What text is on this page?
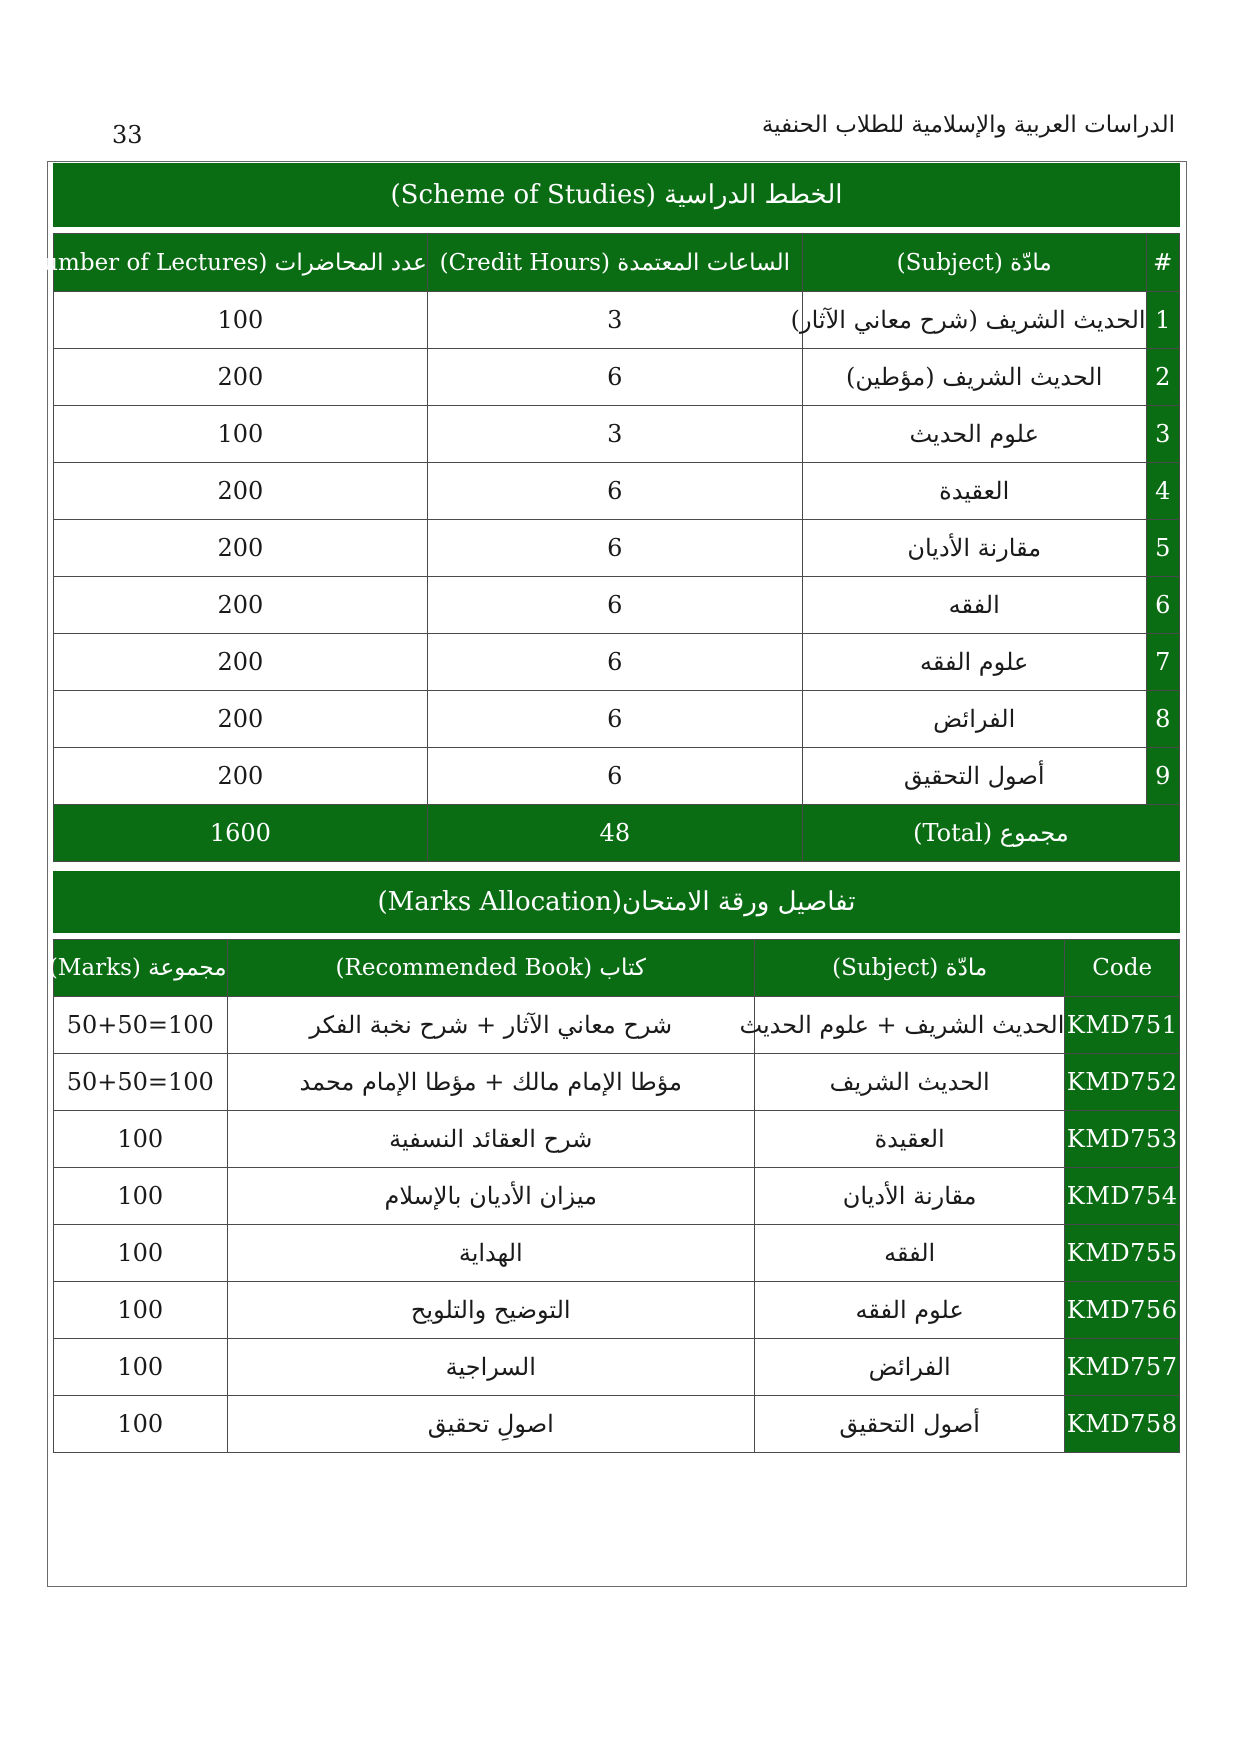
33	الدراسات العربية والإسلامية للطلاب الحنفية
الخطط الدراسية (Scheme of Studies)
عدد المحاضرات (Number of Lectures)	الساعات المعتمدة (Credit Hours)	مادّة (Subject)	#
100	3	الحديث الشريف (شرح معاني الآثار)	1
200	6	الحديث الشريف (مؤطين)	2
100	3	علوم الحديث	3
200	6	العقيدة	4
200	6	مقارنة الأديان	5
200	6	الفقه	6
200	6	علوم الفقه	7
200	6	الفرائض	8
200	6	أصول التحقيق	9
1600	48	مجموع (Total)	
تفاصيل ورقة الامتحان(Marks Allocation)
مجموعة (Marks)	كتاب (Recommended Book)	مادّة (Subject)	Code
50+50=100	شرح معاني الآثار + شرح نخبة الفكر	الحديث الشريف + علوم الحديث	KMD751
50+50=100	مؤطا الإمام مالك + مؤطا الإمام محمد	الحديث الشريف	KMD752
100	شرح العقائد النسفية	العقيدة	KMD753
100	ميزان الأديان بالإسلام	مقارنة الأديان	KMD754
100	الهداية	الفقه	KMD755
100	التوضيح والتلويح	علوم الفقه	KMD756
100	السراجية	الفرائض	KMD757
100	اصولِ تحقیق	أصول التحقيق	KMD758
